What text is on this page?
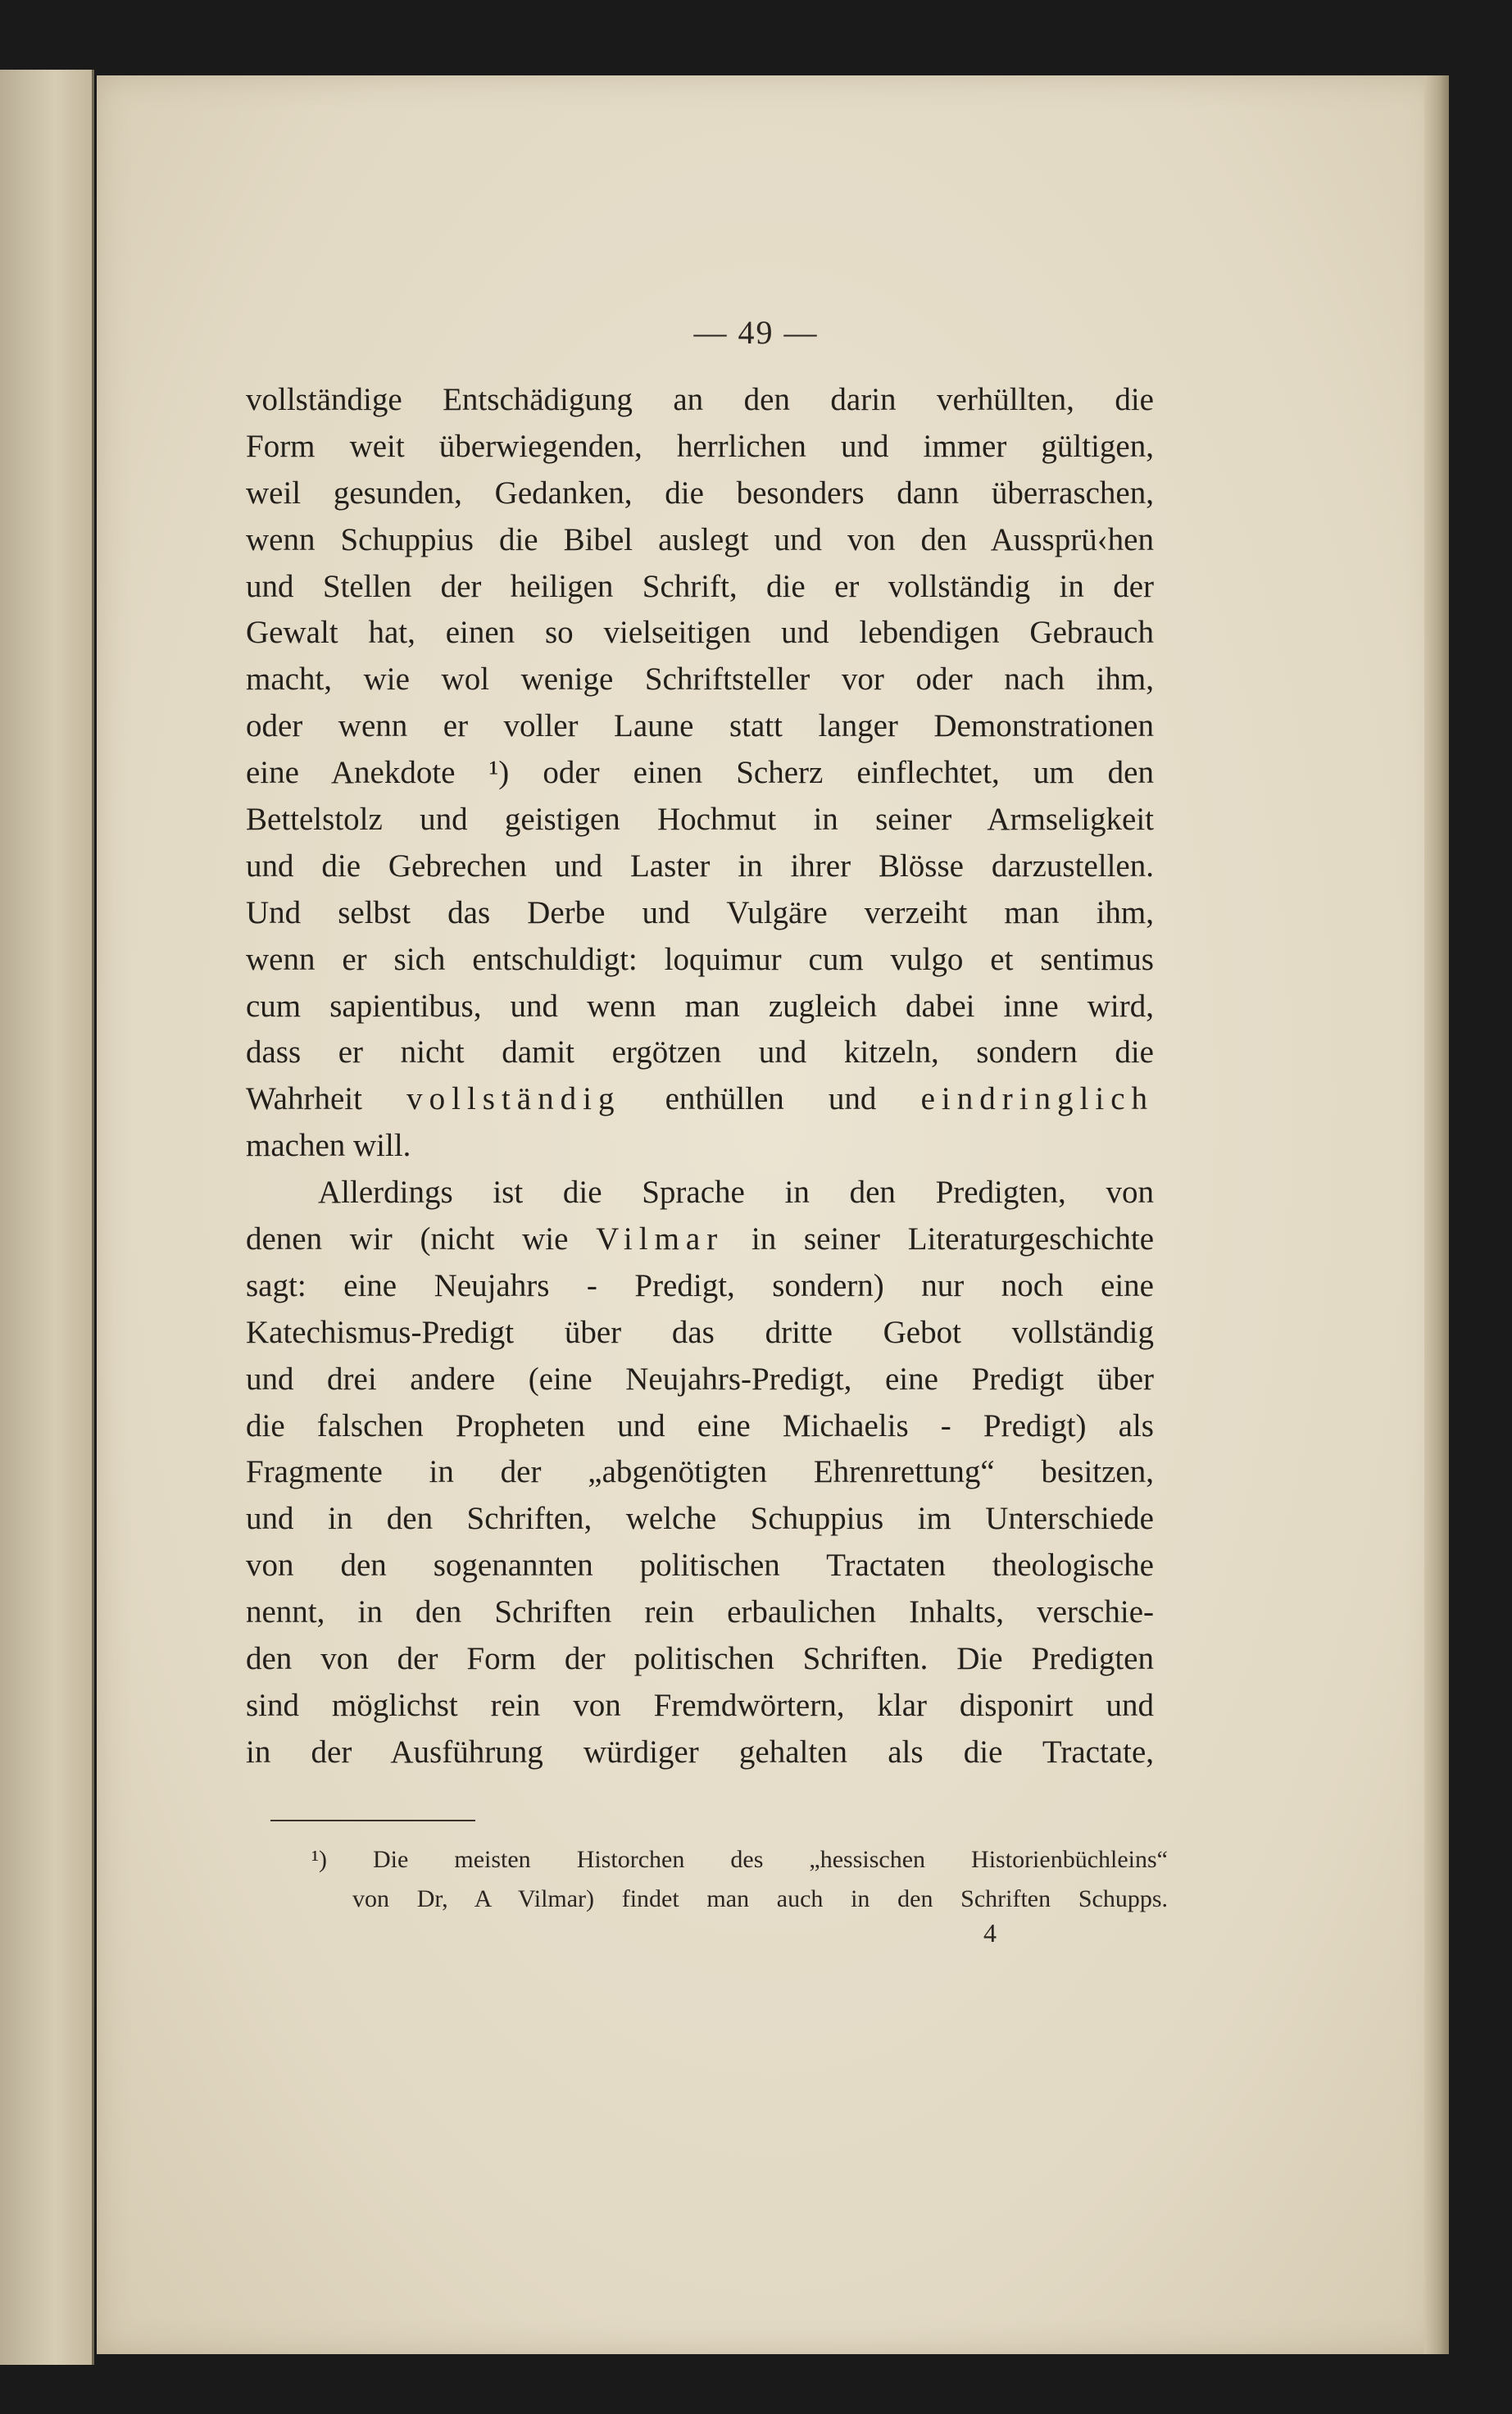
— 49 —
vollständige Entschädigung an den darin verhüllten, die
Form weit überwiegenden, herrlichen und immer gültigen,
weil gesunden, Gedanken, die besonders dann überraschen,
wenn Schuppius die Bibel auslegt und von den Aussprü‹hen
und Stellen der heiligen Schrift, die er vollständig in der
Gewalt hat, einen so vielseitigen und lebendigen Gebrauch
macht, wie wol wenige Schriftsteller vor oder nach ihm,
oder wenn er voller Laune statt langer Demonstrationen
eine Anekdote ¹) oder einen Scherz einflechtet, um den
Bettelstolz und geistigen Hochmut in seiner Armseligkeit
und die Gebrechen und Laster in ihrer Blösse darzustellen.
Und selbst das Derbe und Vulgäre verzeiht man ihm,
wenn er sich entschuldigt: loquimur cum vulgo et sentimus
cum sapientibus, und wenn man zugleich dabei inne wird,
dass er nicht damit ergötzen und kitzeln, sondern die
Wahrheit vollständig enthüllen und eindringlich
machen will.
Allerdings ist die Sprache in den Predigten, von
denen wir (nicht wie Vilmar in seiner Literaturgeschichte
sagt: eine Neujahrs - Predigt, sondern) nur noch eine
Katechismus-Predigt über das dritte Gebot vollständig
und drei andere (eine Neujahrs-Predigt, eine Predigt über
die falschen Propheten und eine Michaelis - Predigt) als
Fragmente in der „abgenötigten Ehrenrettung“ besitzen,
und in den Schriften, welche Schuppius im Unterschiede
von den sogenannten politischen Tractaten theologische
nennt, in den Schriften rein erbaulichen Inhalts, verschie-
den von der Form der politischen Schriften. Die Predigten
sind möglichst rein von Fremdwörtern, klar disponirt und
in der Ausführung würdiger gehalten als die Tractate,
¹) Die meisten Historchen des „hessischen Historienbüchleins“
von Dr, A Vilmar) findet man auch in den Schriften Schupps.
4
